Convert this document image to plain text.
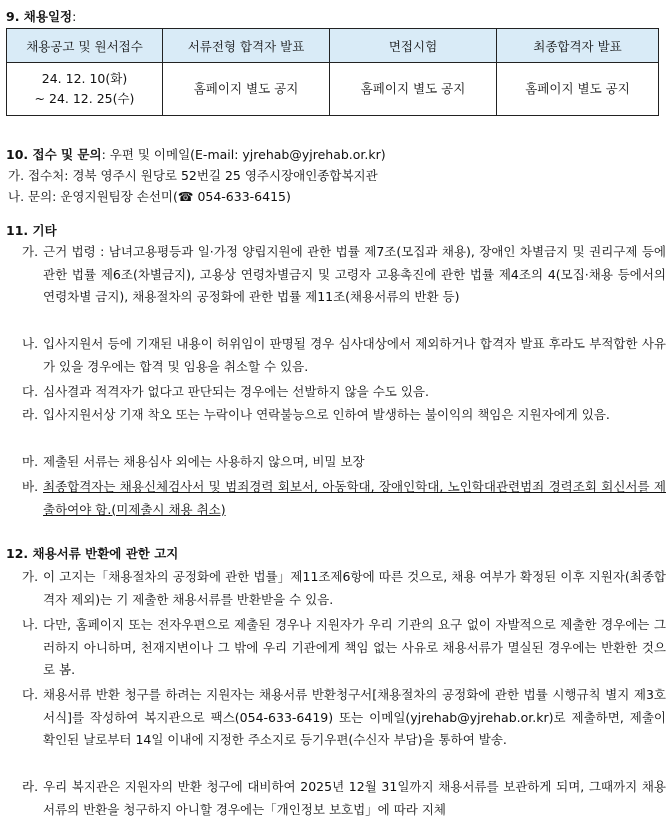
9. 채용일정:
채용공고 및 원서접수	서류전형 합격자 발표	면접시험	최종합격자 발표

24. 12. 10(화)
~ 24. 12. 25(수)	홈페이지 별도 공지	홈페이지 별도 공지	홈페이지 별도 공지
10. 접수 및 문의: 우편 및 이메일(E-mail: yjrehab@yjrehab.or.kr)
가. 접수처: 경북 영주시 원당로 52번길 25 영주시장애인종합복지관
나. 문의: 운영지원팀장 손선미(☎ 054-633-6415)
11. 기타
가. 근거 법령 : 남녀고용평등과 일·가정 양립지원에 관한 법률 제7조(모집과 채용), 장애인 차별금지 및 권리구제 등에 관한 법률 제6조(차별금지), 고용상 연령차별금지 및 고령자 고용촉진에 관한 법률 제4조의 4(모집·채용 등에서의 연령차별 금지), 채용절차의 공정화에 관한 법률 제11조(채용서류의 반환 등)
나. 입사지원서 등에 기재된 내용이 허위임이 판명될 경우 심사대상에서 제외하거나 합격자 발표 후라도 부적합한 사유가 있을 경우에는 합격 및 임용을 취소할 수 있음.
다. 심사결과 적격자가 없다고 판단되는 경우에는 선발하지 않을 수도 있음.
라. 입사지원서상 기재 착오 또는 누락이나 연락불능으로 인하여 발생하는 불이익의 책임은 지원자에게 있음.
마. 제출된 서류는 채용심사 외에는 사용하지 않으며, 비밀 보장
바. 최종합격자는 채용신체검사서 및 범죄경력 회보서, 아동학대, 장애인학대, 노인학대관련범죄 경력조회 회신서를 제출하여야 함.(미제출시 채용 취소)
12. 채용서류 반환에 관한 고지
가. 이 고지는「채용절차의 공정화에 관한 법률」제11조제6항에 따른 것으로, 채용 여부가 확정된 이후 지원자(최종합격자 제외)는 기 제출한 채용서류를 반환받을 수 있음.
나. 다만, 홈페이지 또는 전자우편으로 제출된 경우나 지원자가 우리 기관의 요구 없이 자발적으로 제출한 경우에는 그러하지 아니하며, 천재지변이나 그 밖에 우리 기관에게 책임 없는 사유로 채용서류가 멸실된 경우에는 반환한 것으로 봄.
다. 채용서류 반환 청구를 하려는 지원자는 채용서류 반환청구서[채용절차의 공정화에 관한 법률 시행규칙 별지 제3호 서식]를 작성하여 복지관으로 팩스(054-633-6419) 또는 이메일(yjrehab@yjrehab.or.kr)로 제출하면, 제출이 확인된 날로부터 14일 이내에 지정한 주소지로 등기우편(수신자 부담)을 통하여 발송.
라. 우리 복지관은 지원자의 반환 청구에 대비하여 2025년 12월 31일까지 채용서류를 보관하게 되며, 그때까지 채용서류의 반환을 청구하지 아니할 경우에는「개인정보 보호법」에 따라 지체
